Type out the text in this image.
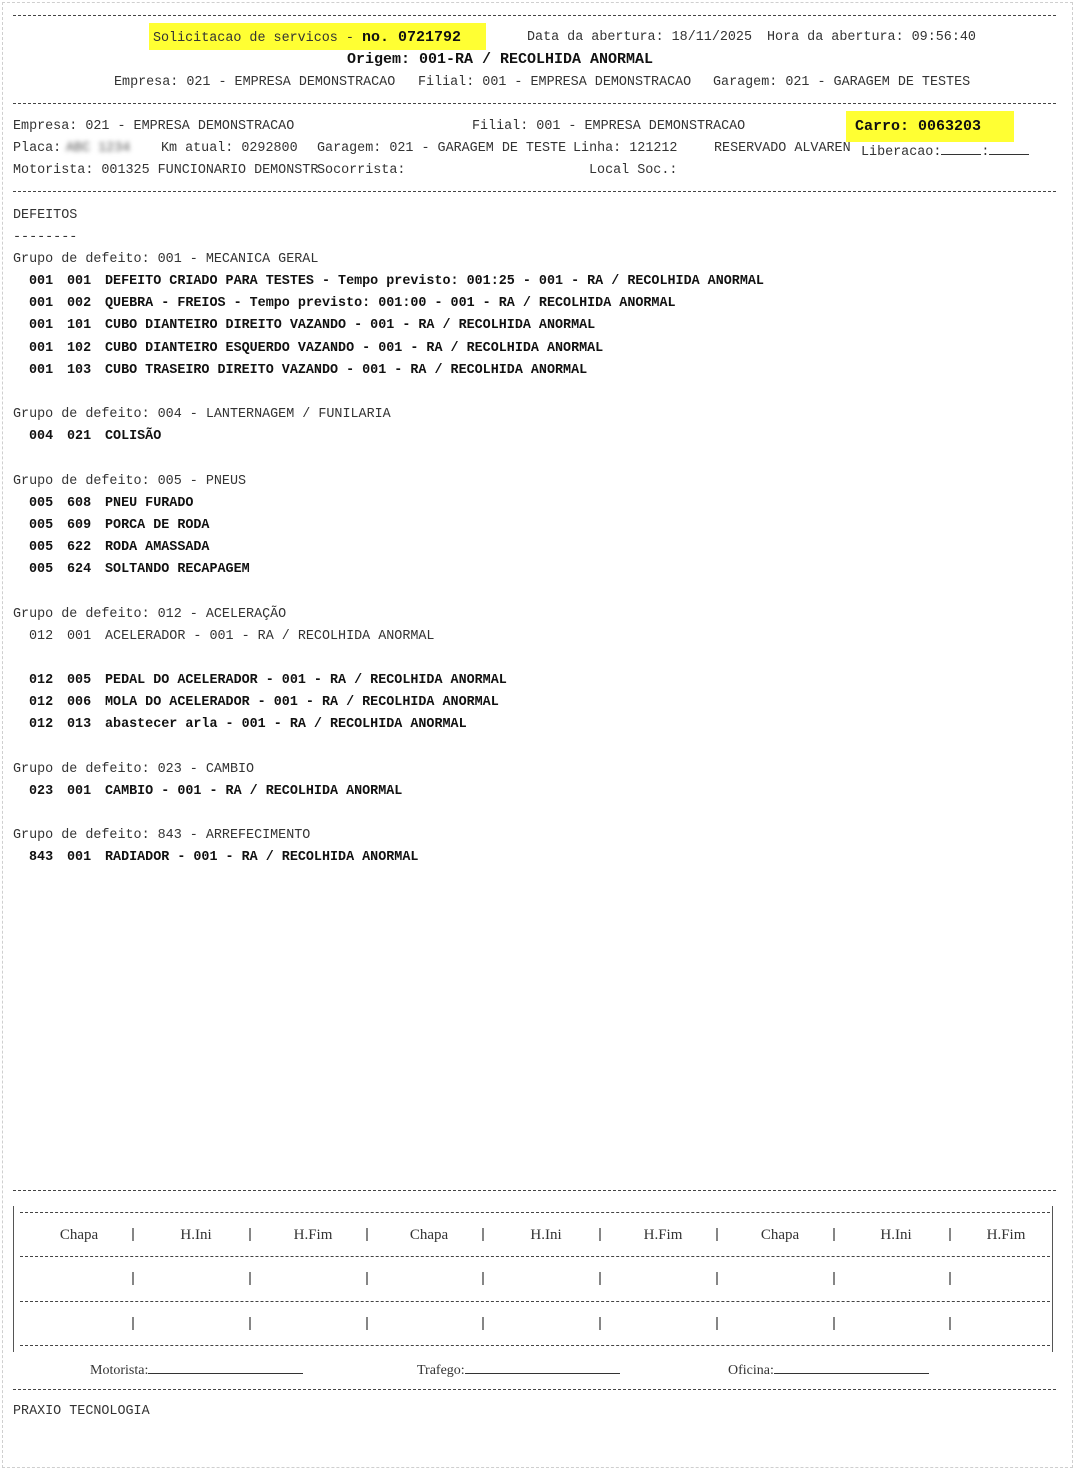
Solicitacao de servicos - no. 0721792	Data da abertura: 18/11/2025 Hora da abertura: 09:56:40
Origem: 001-RA / RECOLHIDA ANORMAL
Empresa: 021 - EMPRESA DEMONSTRACAO Filial: 001 - EMPRESA DEMONSTRACAO Garagem: 021 - GARAGEM DE TESTES
Empresa: 021 - EMPRESA DEMONSTRACAO	Filial: 001 - EMPRESA DEMONSTRACAO	Carro: 0063203
Placa: ABC 1234 Km atual: 0292800 Garagem: 021 - GARAGEM DE TESTE Linha: 121212	RESERVADO ALVAREN Liberacao:	:
Motorista: 001325 FUNCIONARIO DEMONSTR
Socorrista:	Local Soc.:
DEFEITOS
--------
Grupo de defeito: 001 - MECANICA GERAL
001 001 DEFEITO CRIADO PARA TESTES - Tempo previsto: 001:25 - 001 - RA / RECOLHIDA ANORMAL
001 002 QUEBRA - FREIOS - Tempo previsto: 001:00 - 001 - RA / RECOLHIDA ANORMAL
001 101 CUBO DIANTEIRO DIREITO VAZANDO - 001 - RA / RECOLHIDA ANORMAL
001 102 CUBO DIANTEIRO ESQUERDO VAZANDO - 001 - RA / RECOLHIDA ANORMAL
001 103 CUBO TRASEIRO DIREITO VAZANDO - 001 - RA / RECOLHIDA ANORMAL
Grupo de defeito: 004 - LANTERNAGEM / FUNILARIA
004 021 COLISÃO
Grupo de defeito: 005 - PNEUS
005 608 PNEU FURADO
005 609 PORCA DE RODA
005 622 RODA AMASSADA
005 624 SOLTANDO RECAPAGEM
Grupo de defeito: 012 - ACELERAÇÃO
012 001 ACELERADOR - 001 - RA / RECOLHIDA ANORMAL
012 005 PEDAL DO ACELERADOR - 001 - RA / RECOLHIDA ANORMAL
012 006 MOLA DO ACELERADOR - 001 - RA / RECOLHIDA ANORMAL
012 013 abastecer arla - 001 - RA / RECOLHIDA ANORMAL
Grupo de defeito: 023 - CAMBIO
023 001 CAMBIO - 001 - RA / RECOLHIDA ANORMAL
Grupo de defeito: 843 - ARREFECIMENTO
843 001 RADIADOR - 001 - RA / RECOLHIDA ANORMAL
Chapa	H.Ini	H.Fim	Chapa	H.Ini	H.Fim	Chapa	H.Ini	H.Fim
Motorista:	Trafego:	Oficina:
PRAXIO TECNOLOGIA
